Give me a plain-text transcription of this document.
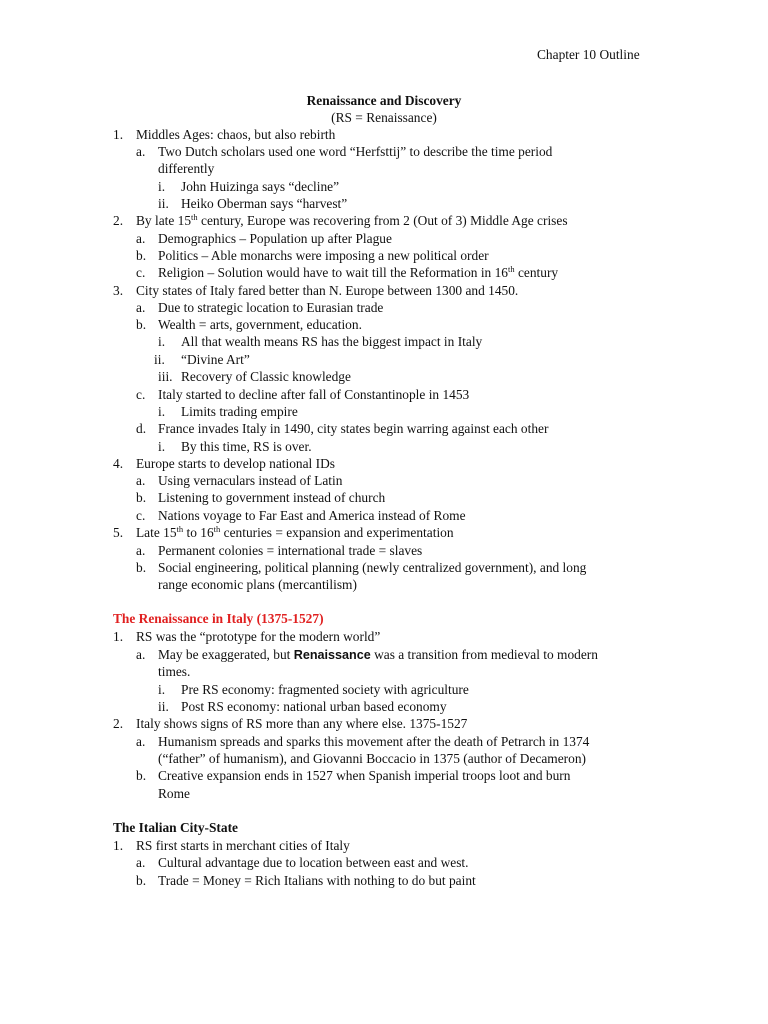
Chapter 10 Outline
Renaissance and Discovery
(RS = Renaissance)
1. Middles Ages: chaos, but also rebirth
a. Two Dutch scholars used one word “Herfsttij” to describe the time period
differently
i. John Huizinga says “decline”
ii. Heiko Oberman says “harvest”
2. By late 15th century, Europe was recovering from 2 (Out of 3) Middle Age crises
a. Demographics – Population up after Plague
b. Politics – Able monarchs were imposing a new political order
c. Religion – Solution would have to wait till the Reformation in 16th century
3. City states of Italy fared better than N. Europe between 1300 and 1450.
a. Due to strategic location to Eurasian trade
b. Wealth = arts, government, education.
i. All that wealth means RS has the biggest impact in Italy
ii. “Divine Art”
iii. Recovery of Classic knowledge
c. Italy started to decline after fall of Constantinople in 1453
i. Limits trading empire
d. France invades Italy in 1490, city states begin warring against each other
i. By this time, RS is over.
4. Europe starts to develop national IDs
a. Using vernaculars instead of Latin
b. Listening to government instead of church
c. Nations voyage to Far East and America instead of Rome
5. Late 15th to 16th centuries = expansion and experimentation
a. Permanent colonies = international trade = slaves
b. Social engineering, political planning (newly centralized government), and long
range economic plans (mercantilism)
The Renaissance in Italy (1375-1527)
1. RS was the “prototype for the modern world”
a. May be exaggerated, but Renaissance was a transition from medieval to modern
times.
i. Pre RS economy: fragmented society with agriculture
ii. Post RS economy: national urban based economy
2. Italy shows signs of RS more than any where else. 1375-1527
a. Humanism spreads and sparks this movement after the death of Petrarch in 1374
(“father” of humanism), and Giovanni Boccacio in 1375 (author of Decameron)
b. Creative expansion ends in 1527 when Spanish imperial troops loot and burn
Rome
The Italian City-State
1. RS first starts in merchant cities of Italy
a. Cultural advantage due to location between east and west.
b. Trade = Money = Rich Italians with nothing to do but paint
